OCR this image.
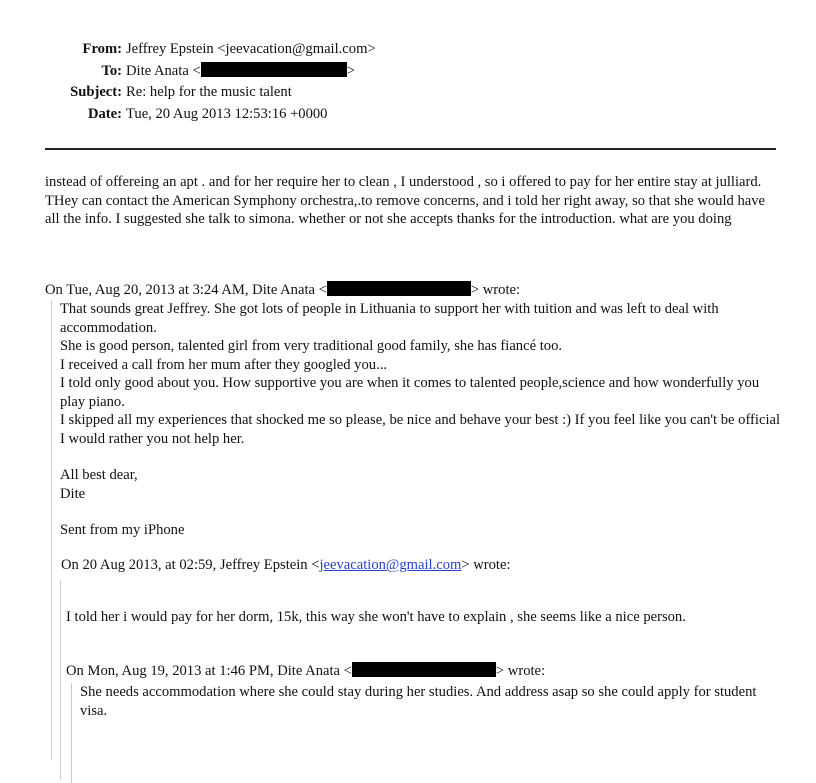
From: Jeffrey Epstein <jeevacation@gmail.com>
To: Dite Anata <	>
Subject: Re: help for the music talent
Date: Tue, 20 Aug 2013 12:53:16 +0000

instead of offereing an apt . and for her require her to clean , I understood , so i offered to pay for her entire stay at julliard. THey can contact the American Symphony orchestra,.to remove concerns, and i told her right away, so that she would have all the info. I suggested she talk to simona. whether or not she accepts thanks for the introduction. what are you doing

On Tue, Aug 20, 2013 at 3:24 AM, Dite Anata <	> wrote:

That sounds great Jeffrey. She got lots of people in Lithuania to support her with tuition and was left to deal with accommodation.

She is good person, talented girl from very traditional good family, she has fiancé too.

I received a call from her mum after they googled you...

I told only good about you. How supportive you are when it comes to talented people,science and how wonderfully you play piano.

I skipped all my experiences that shocked me so please, be nice and behave your best :) If you feel like you can't be official I would rather you not help her.

All best dear,

Dite

Sent from my iPhone

On 20 Aug 2013, at 02:59, Jeffrey Epstein <jeevacation@gmail.com> wrote:
I told her i would pay for her dorm, 15k, this way she won't have to explain , she seems like a nice person.
On Mon, Aug 19, 2013 at 1:46 PM, Dite Anata <	> wrote:

She needs accommodation where she could stay during her studies. And address asap so she could apply for student visa.
